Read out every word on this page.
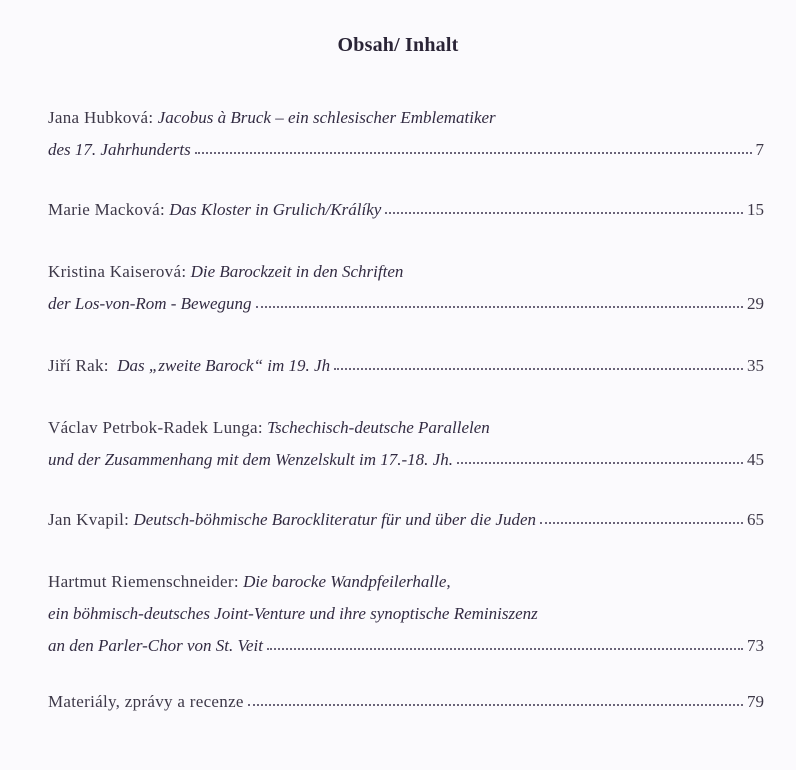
Obsah/ Inhalt
Jana Hubková:
Jacobus à Bruck – ein schlesischer Emblematiker
des 17. Jahrhunderts	7
Marie Macková:
Das Kloster in Grulich/Králíky	15
Kristina Kaiserová:
Die Barockzeit in den Schriften
der Los-von-Rom - Bewegung	29
Jiří Rak:
Das „zweite Barock“ im 19. Jh	35
Václav Petrbok-Radek Lunga:
Tschechisch-deutsche Parallelen
und der Zusammenhang mit dem Wenzelskult im 17.-18. Jh.	45
Jan Kvapil:
Deutsch-böhmische Barockliteratur für und über die Juden	65
Hartmut Riemenschneider:
Die barocke Wandpfeilerhalle,
ein böhmisch-deutsches Joint-Venture und ihre synoptische Reminiszenz
an den Parler-Chor von St. Veit	73
Materiály, zprávy a recenze	79
